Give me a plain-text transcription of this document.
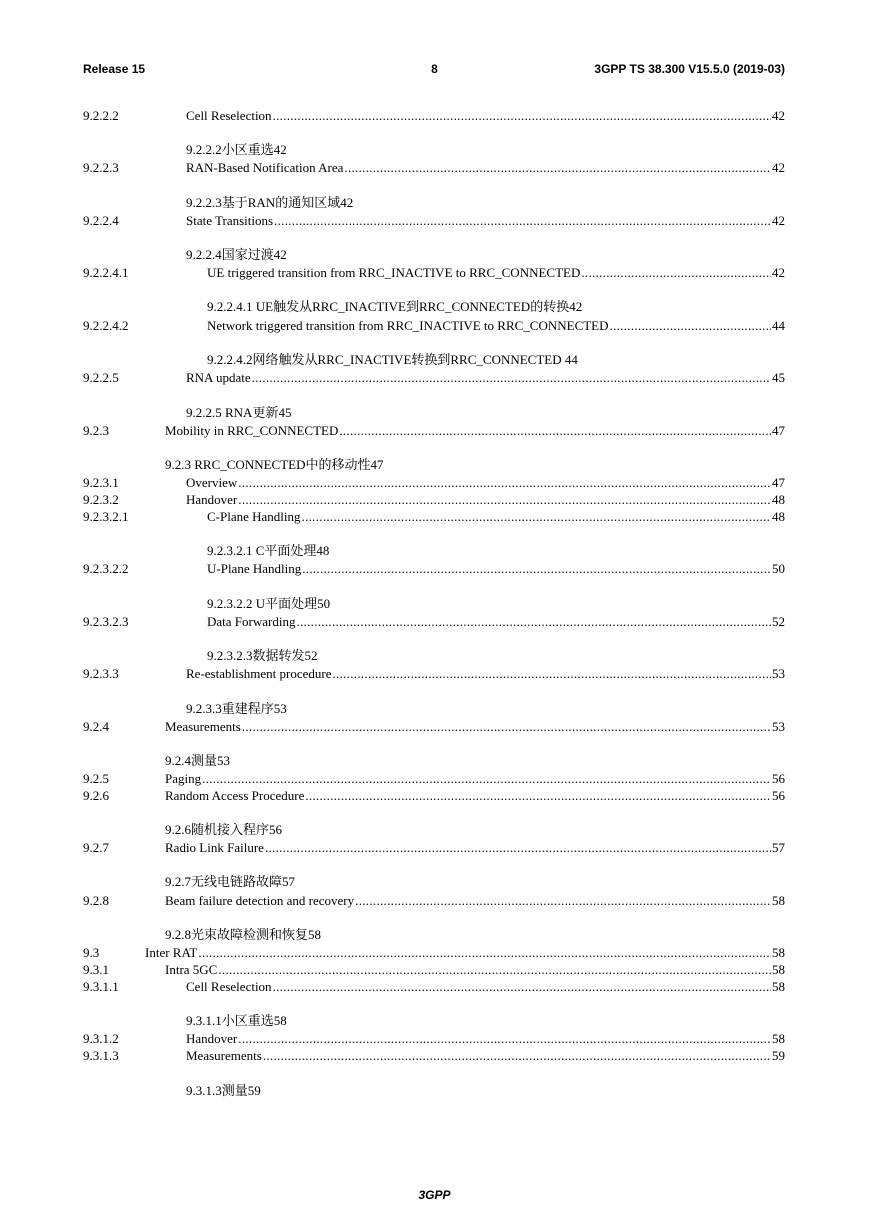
Release 15	8	3GPP TS 38.300 V15.5.0 (2019-03)
9.2.2.2	Cell Reselection .....	42
9.2.2.2小区重选42
9.2.2.3	RAN-Based Notification Area .....	42
9.2.2.3基于RAN的通知区域42
9.2.2.4	State Transitions .....	42
9.2.2.4国家过渡42
9.2.2.4.1	UE triggered transition from RRC_INACTIVE to RRC_CONNECTED .....	42
9.2.2.4.1 UE触发从RRC_INACTIVE到RRC_CONNECTED的转换42
9.2.2.4.2	Network triggered transition from RRC_INACTIVE to RRC_CONNECTED .....	44
9.2.2.4.2网络触发从RRC_INACTIVE转换到RRC_CONNECTED 44
9.2.2.5	RNA update .....	45
9.2.2.5 RNA更新45
9.2.3	Mobility in RRC_CONNECTED .....	47
9.2.3 RRC_CONNECTED中的移动性47
9.2.3.1	Overview .....	47
9.2.3.2	Handover .....	48
9.2.3.2.1	C-Plane Handling .....	48
9.2.3.2.1 C平面处理48
9.2.3.2.2	U-Plane Handling .....	50
9.2.3.2.2 U平面处理50
9.2.3.2.3	Data Forwarding .....	52
9.2.3.2.3数据转发52
9.2.3.3	Re-establishment procedure .....	53
9.2.3.3重建程序53
9.2.4	Measurements .....	53
9.2.4测量53
9.2.5	Paging .....	56
9.2.6	Random Access Procedure .....	56
9.2.6随机接入程序56
9.2.7	Radio Link Failure .....	57
9.2.7无线电链路故障57
9.2.8	Beam failure detection and recovery .....	58
9.2.8光束故障检测和恢复58
9.3	Inter RAT .....	58
9.3.1	Intra 5GC .....	58
9.3.1.1	Cell Reselection .....	58
9.3.1.1小区重选58
9.3.1.2	Handover .....	58
9.3.1.3	Measurements .....	59
9.3.1.3测量59
3GPP
